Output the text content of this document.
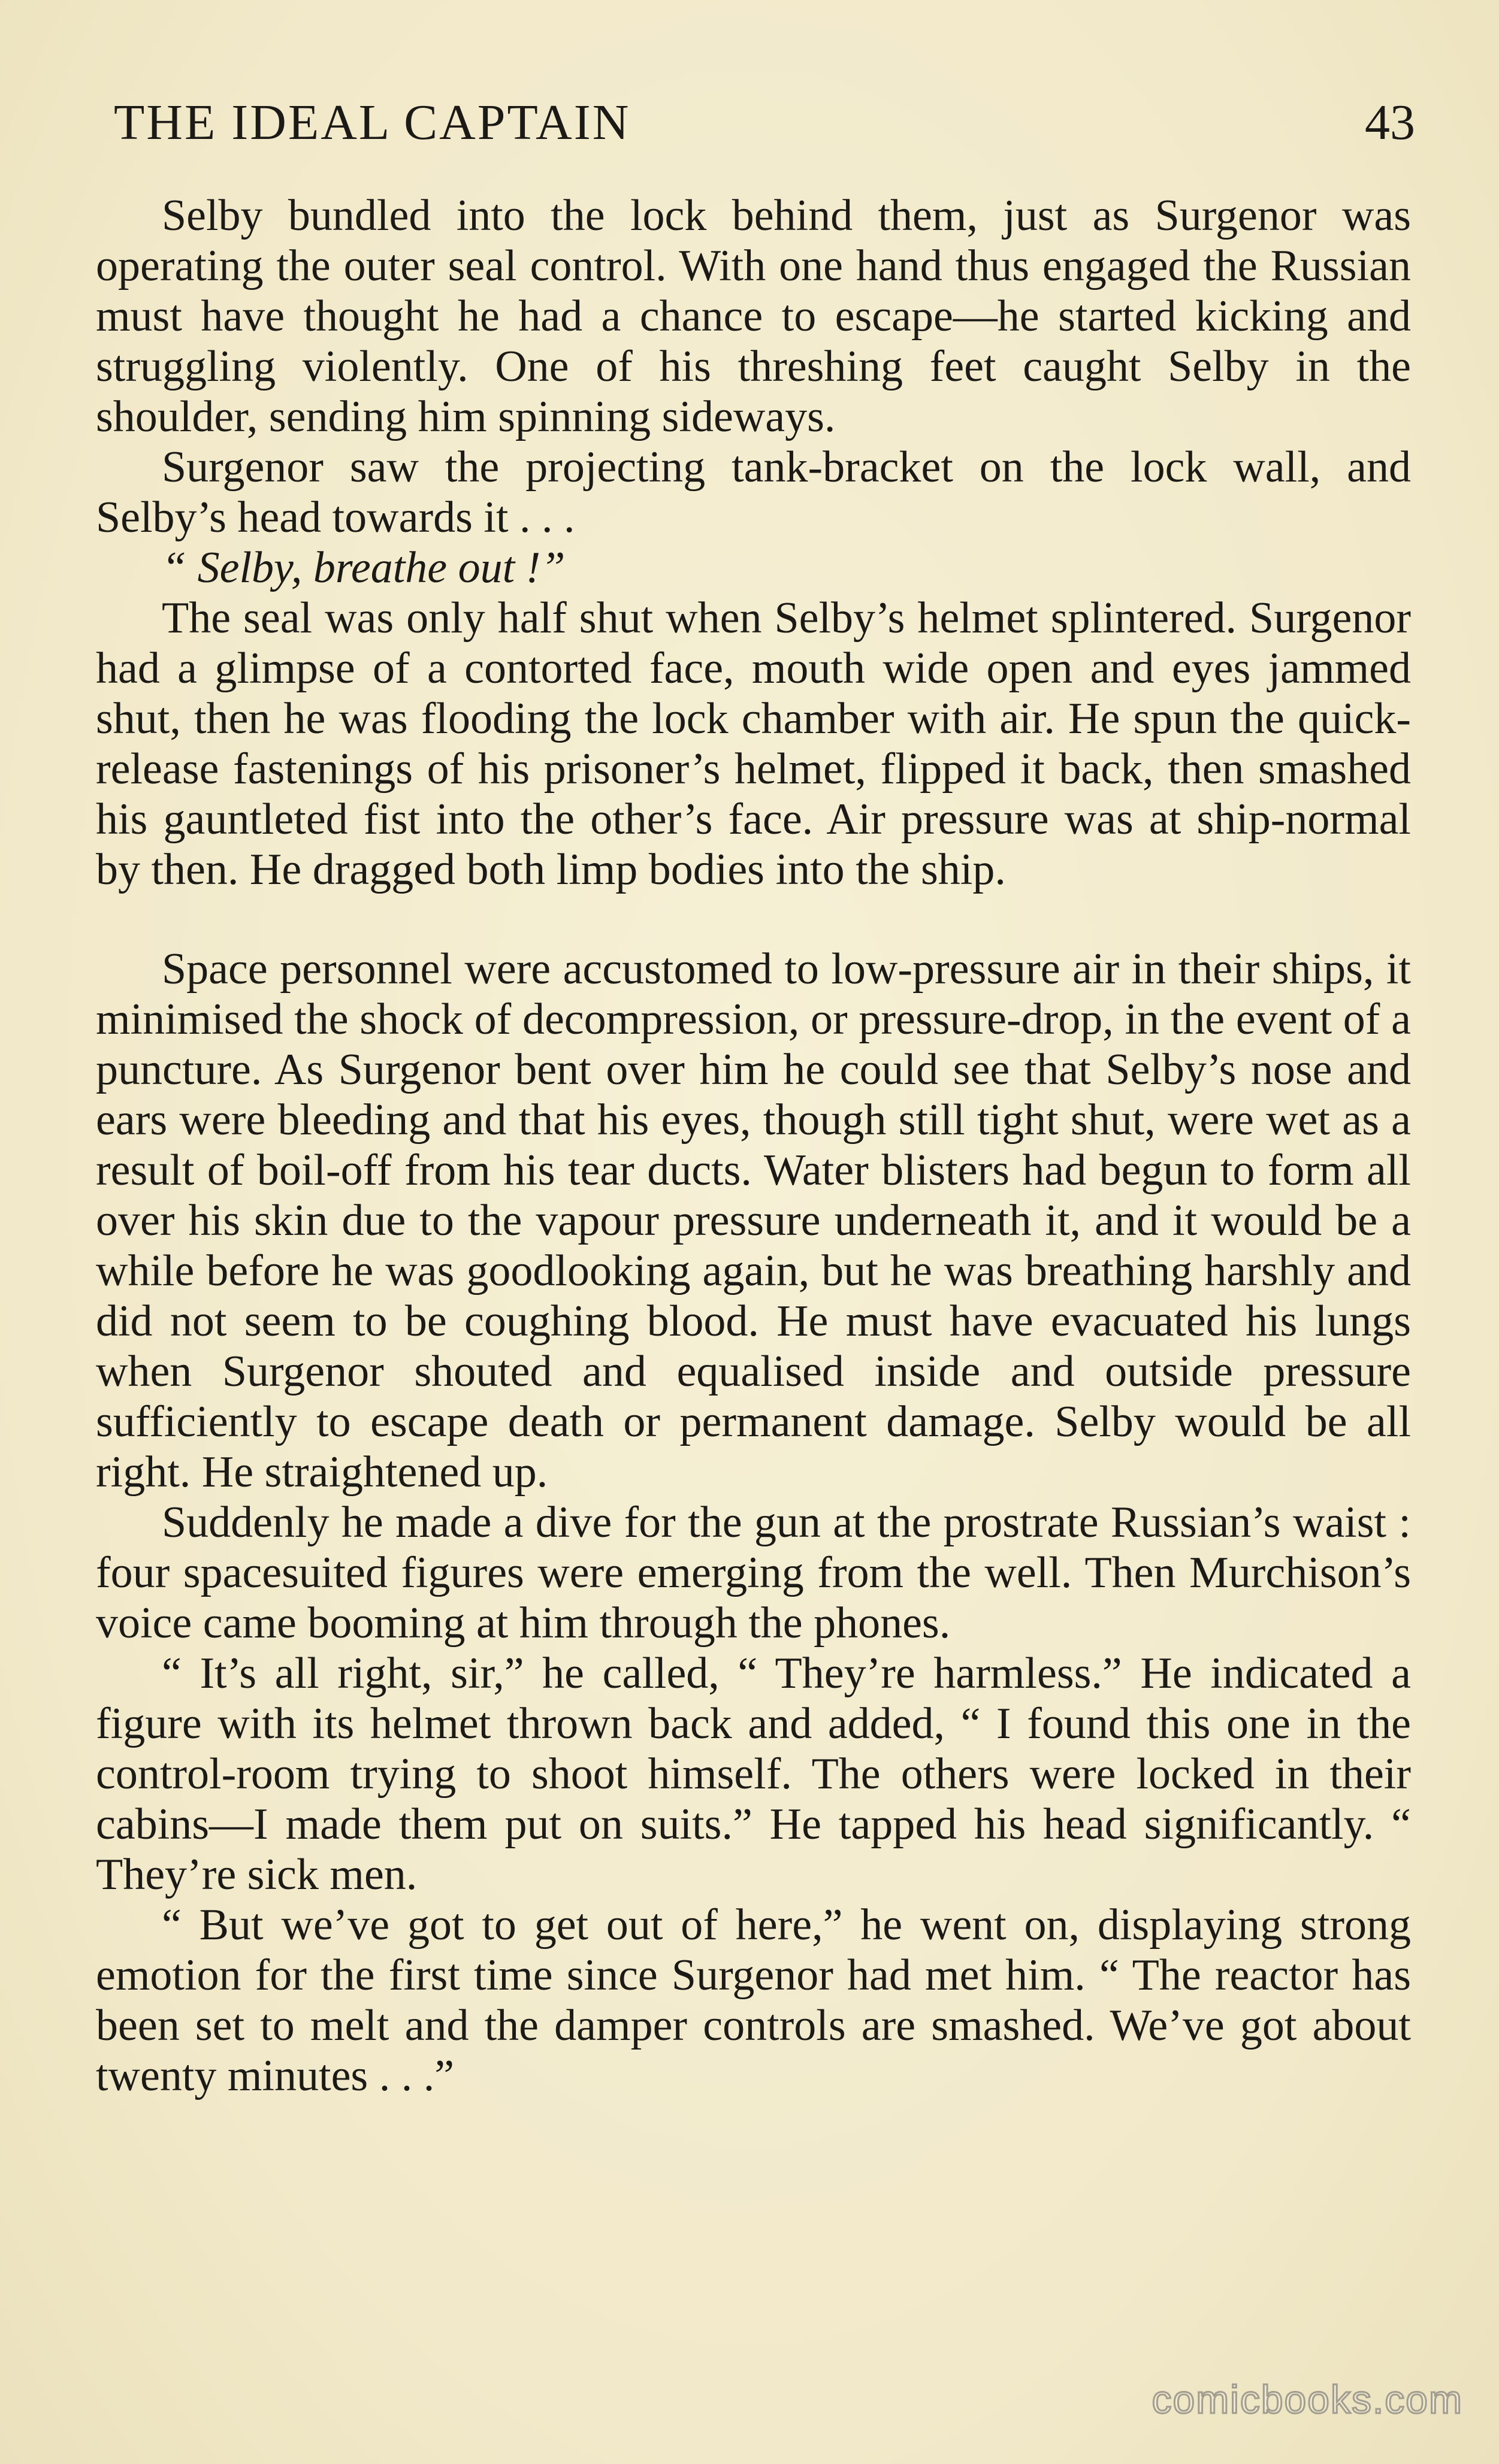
THE IDEAL CAPTAIN	43

Selby bundled into the lock behind them, just as Surgenor was operating the outer seal control. With one hand thus engaged the Russian must have thought he had a chance to escape—he started kicking and struggling violently. One of his threshing feet caught Selby in the shoulder, sending him spinning sideways.

Surgenor saw the projecting tank-bracket on the lock wall, and Selby’s head towards it . . .

“ Selby, breathe out !”

The seal was only half shut when Selby’s helmet splintered. Surgenor had a glimpse of a contorted face, mouth wide open and eyes jammed shut, then he was flooding the lock chamber with air. He spun the quick-release fastenings of his prisoner’s helmet, flipped it back, then smashed his gauntleted fist into the other’s face. Air pressure was at ship-normal by then. He dragged both limp bodies into the ship.

Space personnel were accustomed to low-pressure air in their ships, it minimised the shock of decompression, or pressure-drop, in the event of a puncture. As Surgenor bent over him he could see that Selby’s nose and ears were bleeding and that his eyes, though still tight shut, were wet as a result of boil-off from his tear ducts. Water blisters had begun to form all over his skin due to the vapour pressure underneath it, and it would be a while before he was goodlooking again, but he was breathing harshly and did not seem to be coughing blood. He must have evacuated his lungs when Surgenor shouted and equalised inside and outside pressure sufficiently to escape death or permanent damage. Selby would be all right. He straightened up.

Suddenly he made a dive for the gun at the prostrate Russian’s waist : four spacesuited figures were emerging from the well. Then Murchison’s voice came booming at him through the phones.

“ It’s all right, sir,” he called, “ They’re harmless.” He indicated a figure with its helmet thrown back and added, “ I found this one in the control-room trying to shoot himself. The others were locked in their cabins—I made them put on suits.” He tapped his head significantly. “ They’re sick men.

“ But we’ve got to get out of here,” he went on, displaying strong emotion for the first time since Surgenor had met him. “ The reactor has been set to melt and the damper controls are smashed. We’ve got about twenty minutes . . .”

comicbooks.com
